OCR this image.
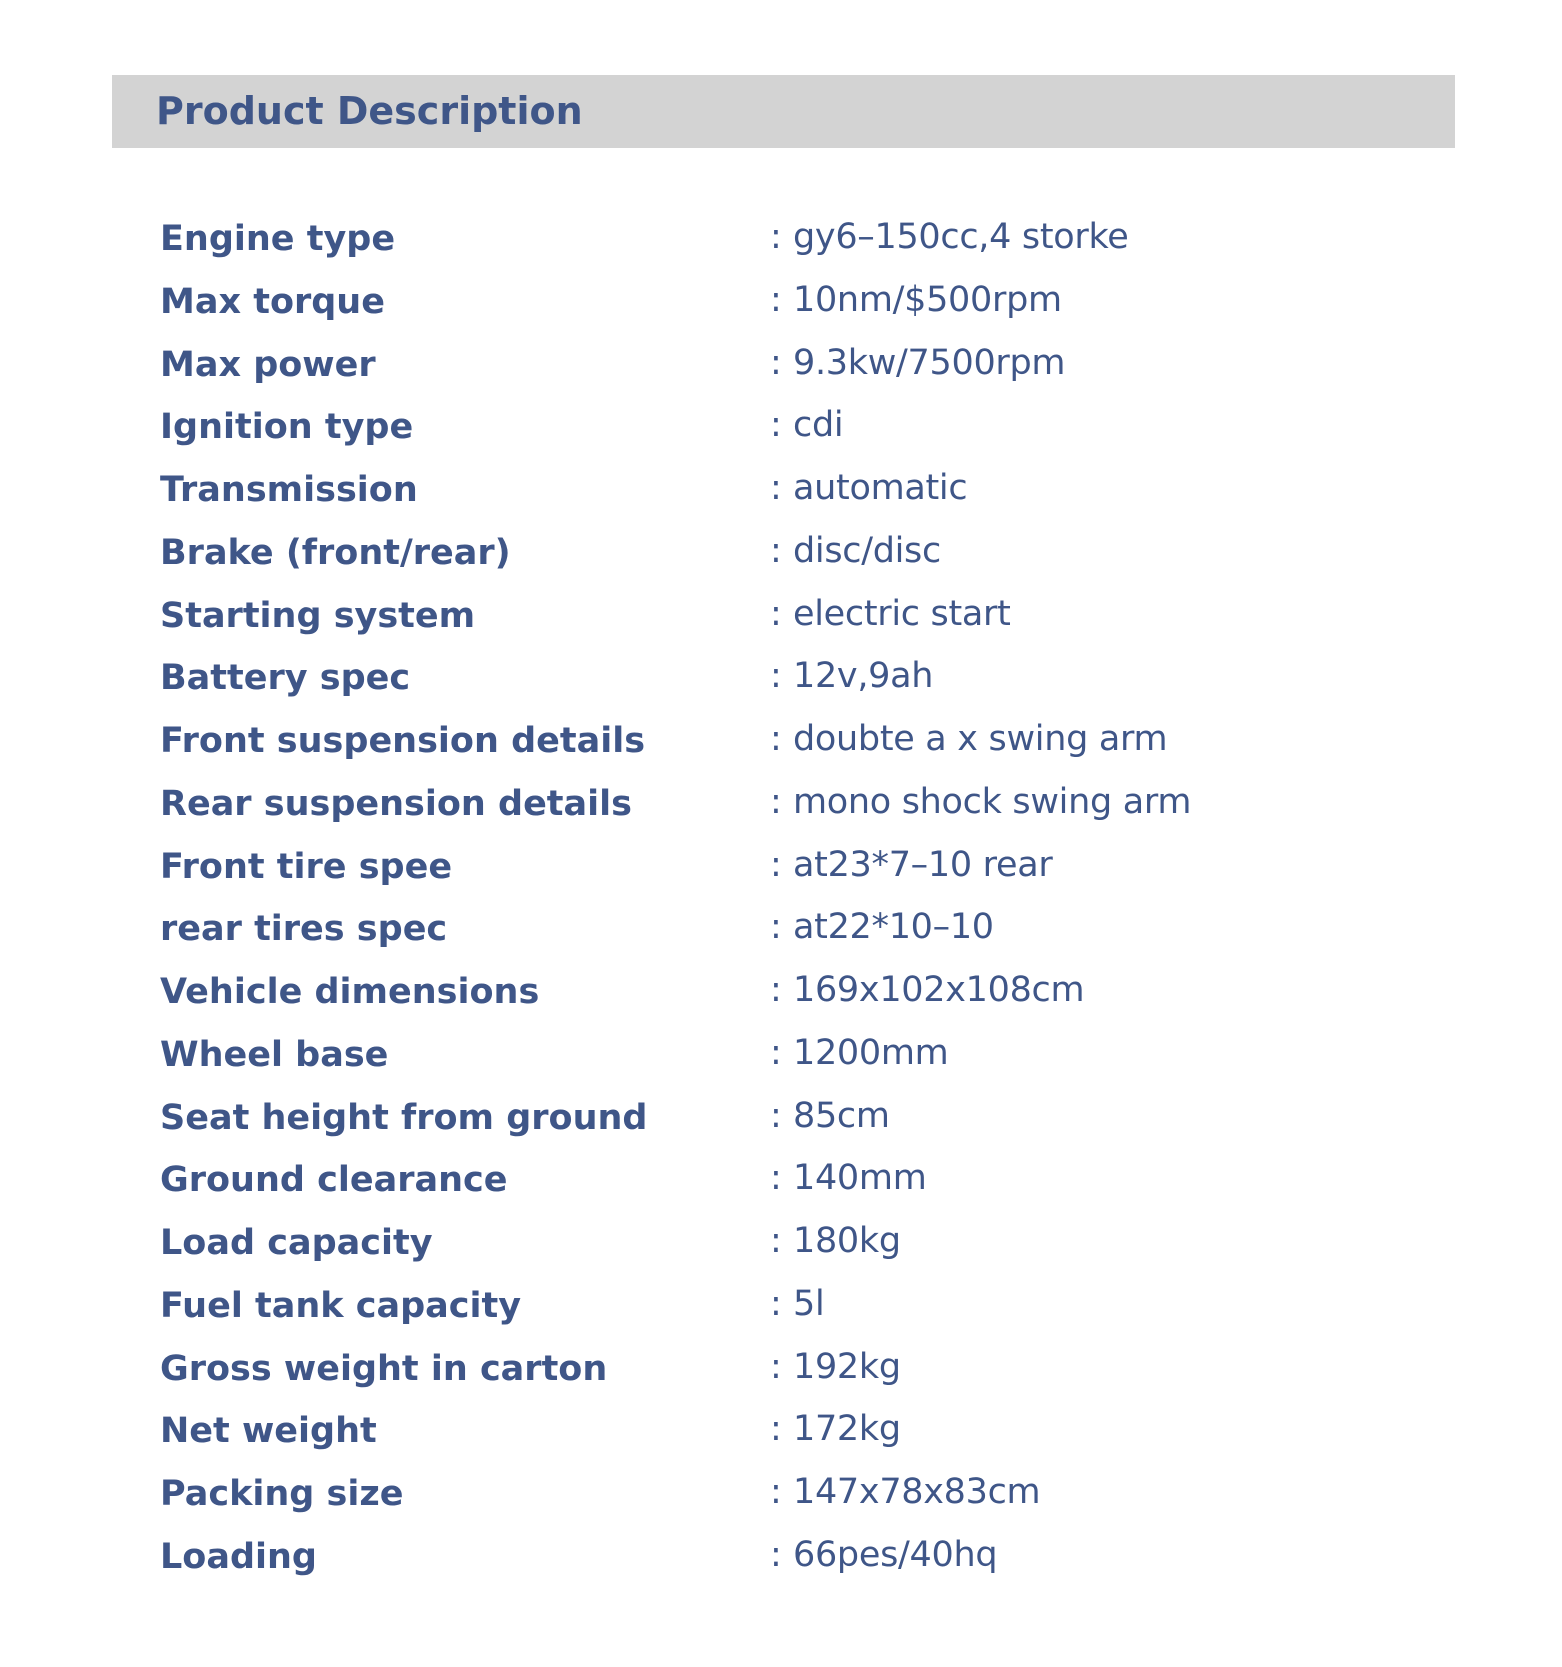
Product Description
Engine type	: gy6–150cc,4 storke
Max torque	: 10nm/$500rpm
Max power	: 9.3kw/7500rpm
Ignition type	: cdi
Transmission	: automatic
Brake (front/rear)	: disc/disc
Starting system	: electric start
Battery spec	: 12v,9ah
Front suspension details	: doubte a x swing arm
Rear suspension details	: mono shock swing arm
Front tire spee	: at23*7–10 rear
rear tires spec	: at22*10–10
Vehicle dimensions	: 169x102x108cm
Wheel base	: 1200mm
Seat height from ground	: 85cm
Ground clearance	: 140mm
Load capacity	: 180kg
Fuel tank capacity	: 5l
Gross weight in carton	: 192kg
Net weight	: 172kg
Packing size	: 147x78x83cm
Loading	: 66pes/40hq
